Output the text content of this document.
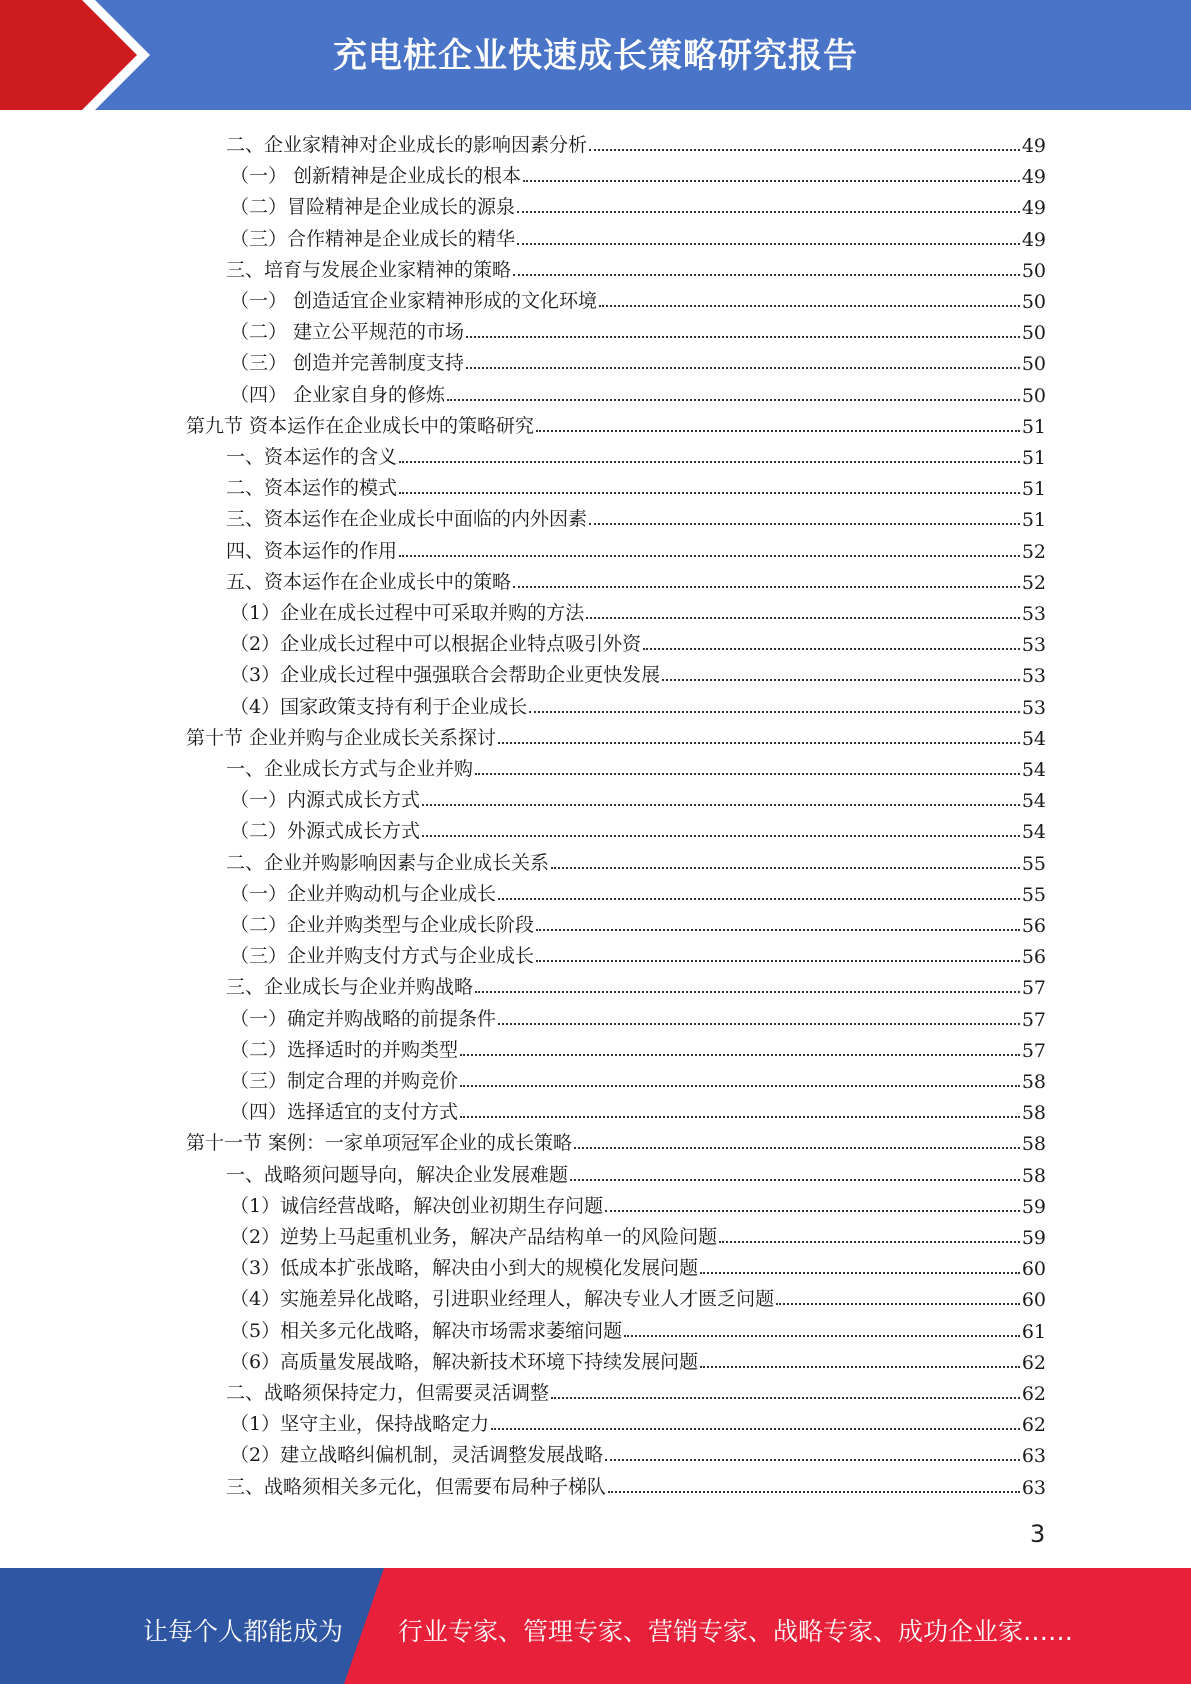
充电桩企业快速成长策略研究报告
二、企业家精神对企业成长的影响因素分析	49
（一） 创新精神是企业成长的根本	49
（二）冒险精神是企业成长的源泉	49
（三）合作精神是企业成长的精华	49
三、培育与发展企业家精神的策略	50
（一） 创造适宜企业家精神形成的文化环境	50
（二） 建立公平规范的市场	50
（三） 创造并完善制度支持	50
（四） 企业家自身的修炼	50
第九节 资本运作在企业成长中的策略研究	51
一、资本运作的含义	51
二、资本运作的模式	51
三、资本运作在企业成长中面临的内外因素	51
四、资本运作的作用	52
五、资本运作在企业成长中的策略	52
（1）企业在成长过程中可采取并购的方法	53
（2）企业成长过程中可以根据企业特点吸引外资	53
（3）企业成长过程中强强联合会帮助企业更快发展	53
（4）国家政策支持有利于企业成长	53
第十节 企业并购与企业成长关系探讨	54
一、企业成长方式与企业并购	54
（一）内源式成长方式	54
（二）外源式成长方式	54
二、企业并购影响因素与企业成长关系	55
（一）企业并购动机与企业成长	55
（二）企业并购类型与企业成长阶段	56
（三）企业并购支付方式与企业成长	56
三、企业成长与企业并购战略	57
（一）确定并购战略的前提条件	57
（二）选择适时的并购类型	57
（三）制定合理的并购竞价	58
（四）选择适宜的支付方式	58
第十一节 案例：一家单项冠军企业的成长策略	58
一、战略须问题导向，解决企业发展难题	58
（1）诚信经营战略，解决创业初期生存问题	59
（2）逆势上马起重机业务，解决产品结构单一的风险问题	59
（3）低成本扩张战略，解决由小到大的规模化发展问题	60
（4）实施差异化战略，引进职业经理人，解决专业人才匮乏问题	60
（5）相关多元化战略，解决市场需求萎缩问题	61
（6）高质量发展战略，解决新技术环境下持续发展问题	62
二、战略须保持定力，但需要灵活调整	62
（1）坚守主业，保持战略定力	62
（2）建立战略纠偏机制，灵活调整发展战略	63
三、战略须相关多元化，但需要布局种子梯队	63
3
让每个人都能成为 行业专家、管理专家、营销专家、战略专家、成功企业家……
